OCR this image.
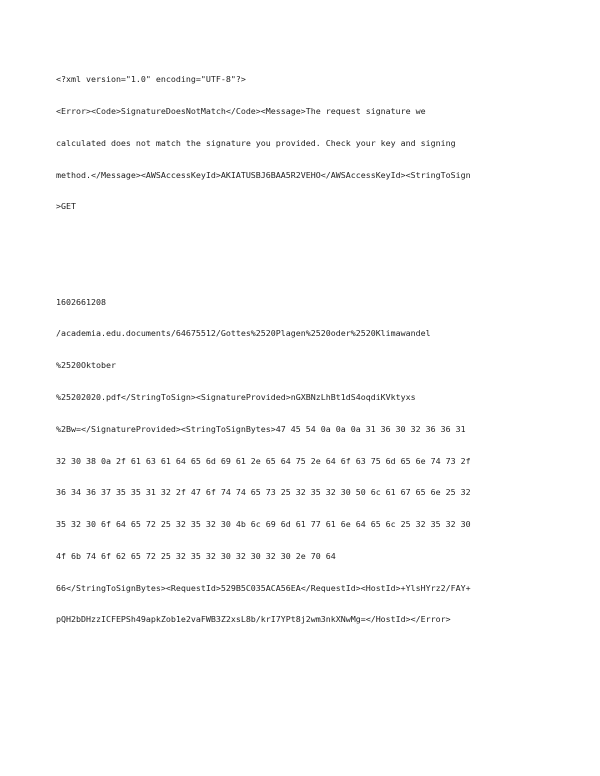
<?xml version="1.0" encoding="UTF-8"?>

<Error><Code>SignatureDoesNotMatch</Code><Message>The request signature we

calculated does not match the signature you provided. Check your key and signing

method.</Message><AWSAccessKeyId>AKIATUSBJ6BAA5R2VEHO</AWSAccessKeyId><StringToSign

>GET

1602661208

/academia.edu.documents/64675512/Gottes%2520Plagen%2520oder%2520Klimawandel

%2520Oktober

%25202020.pdf</StringToSign><SignatureProvided>nGXBNzLhBt1dS4oqdiKVktyxs

%2Bw=</SignatureProvided><StringToSignBytes>47 45 54 0a 0a 0a 31 36 30 32 36 36 31

32 30 38 0a 2f 61 63 61 64 65 6d 69 61 2e 65 64 75 2e 64 6f 63 75 6d 65 6e 74 73 2f

36 34 36 37 35 35 31 32 2f 47 6f 74 74 65 73 25 32 35 32 30 50 6c 61 67 65 6e 25 32

35 32 30 6f 64 65 72 25 32 35 32 30 4b 6c 69 6d 61 77 61 6e 64 65 6c 25 32 35 32 30

4f 6b 74 6f 62 65 72 25 32 35 32 30 32 30 32 30 2e 70 64

66</StringToSignBytes><RequestId>529B5C035ACA56EA</RequestId><HostId>+YlsHYrz2/FAY+

pQH2bDHzzICFEPSh49apkZob1e2vaFWB3Z2xsL8b/krI7YPt8j2wm3nkXNwMg=</HostId></Error>
